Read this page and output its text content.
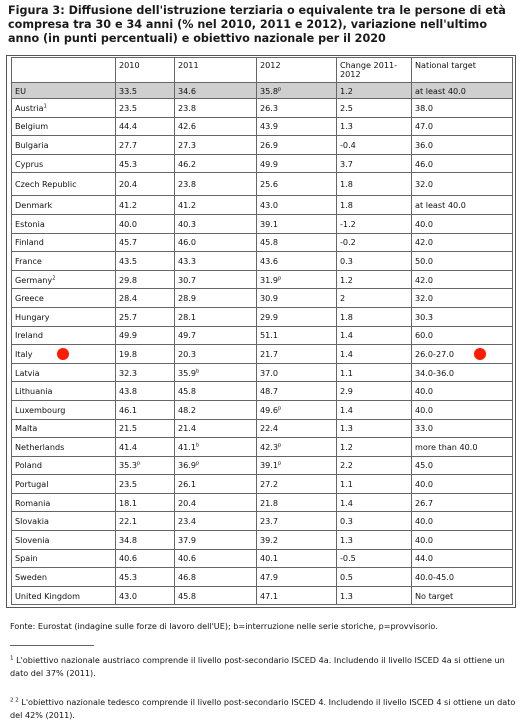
Figura 3: Diffusione dell'istruzione terziaria o equivalente tra le persone di età compresa tra 30 e 34 anni (% nel 2010, 2011 e 2012), variazione nell'ultimo anno (in punti percentuali) e obiettivo nazionale per il 2020
	2010	2011	2012	Change 2011-2012	National target
EU	33.5	34.6	35.8$^p$	1.2	at least 40.0
Austria$^1$	23.5	23.8	26.3	2.5	38.0
Belgium	44.4	42.6	43.9	1.3	47.0
Bulgaria	27.7	27.3	26.9	-0.4	36.0
Cyprus	45.3	46.2	49.9	3.7	46.0
Czech Republic	20.4	23.8	25.6	1.8	32.0
Denmark	41.2	41.2	43.0	1.8	at least 40.0
Estonia	40.0	40.3	39.1	-1.2	40.0
Finland	45.7	46.0	45.8	-0.2	42.0
France	43.5	43.3	43.6	0.3	50.0
Germany$^2$	29.8	30.7	31.9$^p$	1.2	42.0
Greece	28.4	28.9	30.9	2	32.0
Hungary	25.7	28.1	29.9	1.8	30.3
Ireland	49.9	49.7	51.1	1.4	60.0
Italy	19.8	20.3	21.7	1.4	26.0-27.0
Latvia	32.3	35.9$^b$	37.0	1.1	34.0-36.0
Lithuania	43.8	45.8	48.7	2.9	40.0
Luxembourg	46.1	48.2	49.6$^p$	1.4	40.0
Malta	21.5	21.4	22.4	1.3	33.0
Netherlands	41.4	41.1$^b$	42.3$^p$	1.2	more than 40.0
Poland	35.3$^p$	36.9$^p$	39.1$^p$	2.2	45.0
Portugal	23.5	26.1	27.2	1.1	40.0
Romania	18.1	20.4	21.8	1.4	26.7
Slovakia	22.1	23.4	23.7	0.3	40.0
Slovenia	34.8	37.9	39.2	1.3	40.0
Spain	40.6	40.6	40.1	-0.5	44.0
Sweden	45.3	46.8	47.9	0.5	40.0-45.0
United Kingdom	43.0	45.8	47.1	1.3	No target
Fonte: Eurostat (indagine sulle forze di lavoro dell'UE); b=interruzione nelle serie storiche, p=provvisorio.
$^1$ L'obiettivo nazionale austriaco comprende il livello post-secondario ISCED 4a. Includendo il livello ISCED 4a si ottiene un dato del 37% (2011).
$^{2 2}$ L'obiettivo nazionale tedesco comprende il livello post-secondario ISCED 4. Includendo il livello ISCED 4 si ottiene un dato del 42% (2011).
